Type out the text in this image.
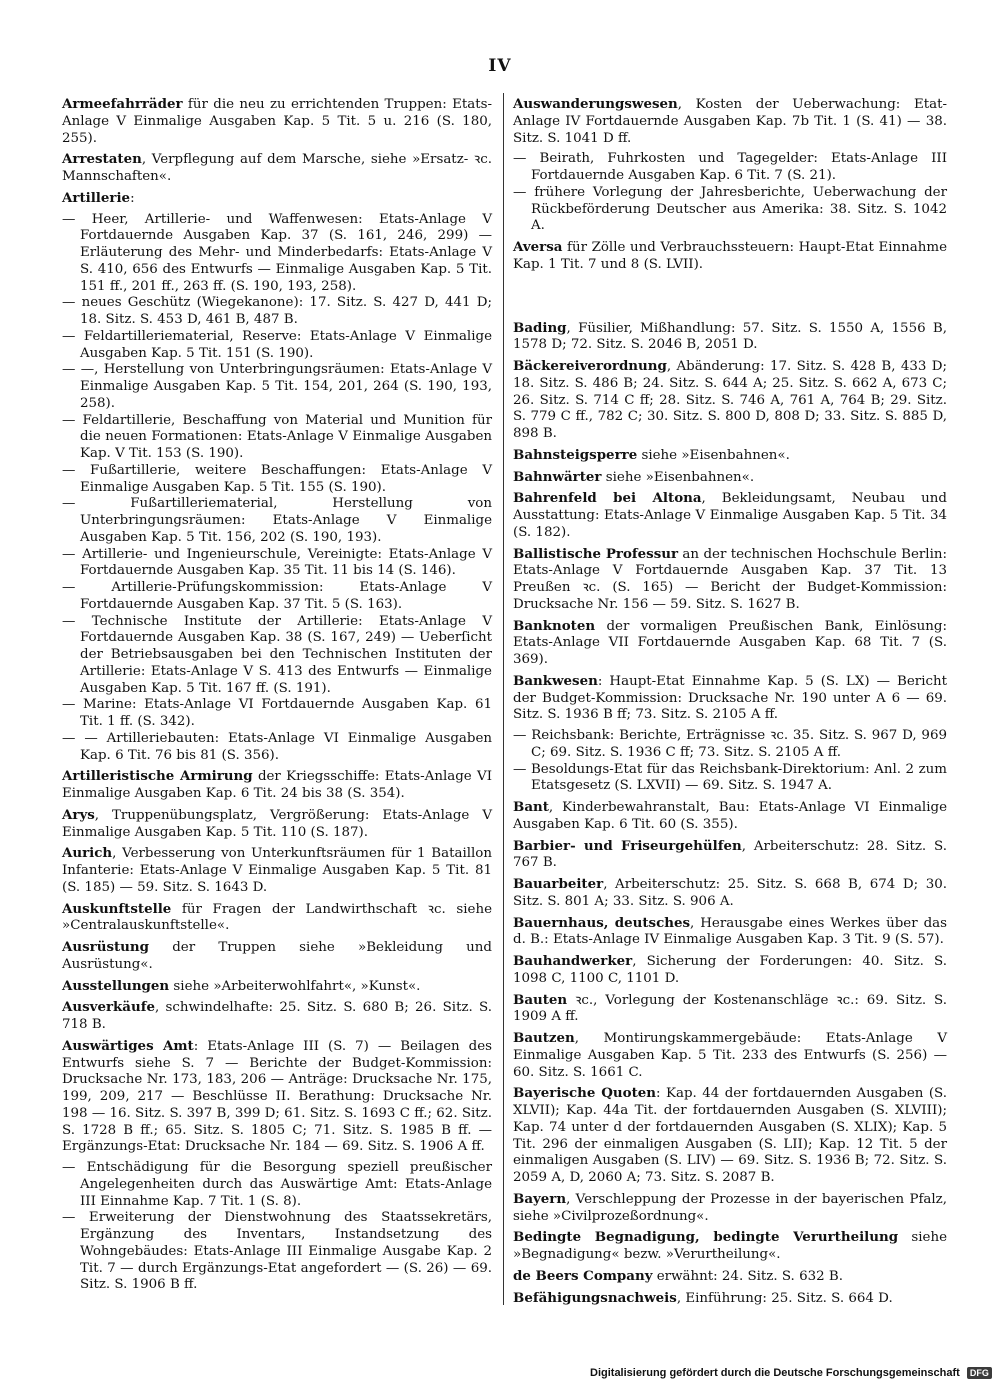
IV
Armeefahrräder für die neu zu errichtenden Truppen: Etats-Anlage V Einmalige Ausgaben Kap. 5 Tit. 5 u. 216 (S. 180, 255).
Arrestaten, Verpflegung auf dem Marsche, siehe »Ersatz- ꝛc. Mannschaften«.
Artillerie:
— Heer, Artillerie- und Waffenwesen: Etats-Anlage V Fortdauernde Ausgaben Kap. 37 (S. 161, 246, 299) — Erläuterung des Mehr- und Minderbedarfs: Etats-Anlage V S. 410, 656 des Entwurfs — Einmalige Ausgaben Kap. 5 Tit. 151 ff., 201 ff., 263 ff. (S. 190, 193, 258).
— neues Geschütz (Wiegekanone): 17. Sitz. S. 427 D, 441 D; 18. Sitz. S. 453 D, 461 B, 487 B.
— Feldartilleriematerial, Reserve: Etats-Anlage V Einmalige Ausgaben Kap. 5 Tit. 151 (S. 190).
— —, Herstellung von Unterbringungsräumen: Etats-Anlage V Einmalige Ausgaben Kap. 5 Tit. 154, 201, 264 (S. 190, 193, 258).
— Feldartillerie, Beschaffung von Material und Munition für die neuen Formationen: Etats-Anlage V Einmalige Ausgaben Kap. V Tit. 153 (S. 190).
— Fußartillerie, weitere Beschaffungen: Etats-Anlage V Einmalige Ausgaben Kap. 5 Tit. 155 (S. 190).
— Fußartilleriematerial, Herstellung von Unterbringungsräumen: Etats-Anlage V Einmalige Ausgaben Kap. 5 Tit. 156, 202 (S. 190, 193).
— Artillerie- und Ingenieurschule, Vereinigte: Etats-Anlage V Fortdauernde Ausgaben Kap. 35 Tit. 11 bis 14 (S. 146).
— Artillerie-Prüfungskommission: Etats-Anlage V Fortdauernde Ausgaben Kap. 37 Tit. 5 (S. 163).
— Technische Institute der Artillerie: Etats-Anlage V Fortdauernde Ausgaben Kap. 38 (S. 167, 249) — Ueberſicht der Betriebsausgaben bei den Technischen Instituten der Artillerie: Etats-Anlage V S. 413 des Entwurfs — Einmalige Ausgaben Kap. 5 Tit. 167 ff. (S. 191).
— Marine: Etats-Anlage VI Fortdauernde Ausgaben Kap. 61 Tit. 1 ff. (S. 342).
— — Artilleriebauten: Etats-Anlage VI Einmalige Ausgaben Kap. 6 Tit. 76 bis 81 (S. 356).
Artilleristische Armirung der Kriegsschiffe: Etats-Anlage VI Einmalige Ausgaben Kap. 6 Tit. 24 bis 38 (S. 354).
Arys, Truppenübungsplatz, Vergrößerung: Etats-Anlage V Einmalige Ausgaben Kap. 5 Tit. 110 (S. 187).
Aurich, Verbesserung von Unterkunftsräumen für 1 Bataillon Infanterie: Etats-Anlage V Einmalige Ausgaben Kap. 5 Tit. 81 (S. 185) — 59. Sitz. S. 1643 D.
Auskunftstelle für Fragen der Landwirthschaft ꝛc. siehe »Centralauskunftstelle«.
Ausrüstung der Truppen siehe »Bekleidung und Ausrüstung«.
Ausstellungen siehe »Arbeiterwohlfahrt«, »Kunst«.
Ausverkäufe, schwindelhafte: 25. Sitz. S. 680 B; 26. Sitz. S. 718 B.
Auswärtiges Amt: Etats-Anlage III (S. 7) — Beilagen des Entwurfs siehe S. 7 — Berichte der Budget-Kommission: Drucksache Nr. 173, 183, 206 — Anträge: Drucksache Nr. 175, 199, 209, 217 — Beschlüsse II. Berathung: Drucksache Nr. 198 — 16. Sitz. S. 397 B, 399 D; 61. Sitz. S. 1693 C ff.; 62. Sitz. S. 1728 B ff.; 65. Sitz. S. 1805 C; 71. Sitz. S. 1985 B ff. — Ergänzungs-Etat: Drucksache Nr. 184 — 69. Sitz. S. 1906 A ff.
— Entschädigung für die Besorgung speziell preußischer Angelegenheiten durch das Auswärtige Amt: Etats-Anlage III Einnahme Kap. 7 Tit. 1 (S. 8).
— Erweiterung der Dienstwohnung des Staatssekretärs, Ergänzung des Inventars, Instandsetzung des Wohngebäudes: Etats-Anlage III Einmalige Ausgabe Kap. 2 Tit. 7 — durch Ergänzungs-Etat angefordert — (S. 26) — 69. Sitz. S. 1906 B ff.
Auswanderungswesen, Kosten der Ueberwachung: Etat-Anlage IV Fortdauernde Ausgaben Kap. 7b Tit. 1 (S. 41) — 38. Sitz. S. 1041 D ff.
— Beirath, Fuhrkosten und Tagegelder: Etats-Anlage III Fortdauernde Ausgaben Kap. 6 Tit. 7 (S. 21).
— frühere Vorlegung der Jahresberichte, Ueberwachung der Rückbeförderung Deutscher aus Amerika: 38. Sitz. S. 1042 A.
Aversa für Zölle und Verbrauchssteuern: Haupt-Etat Einnahme Kap. 1 Tit. 7 und 8 (S. LVII).
Bading, Füsilier, Mißhandlung: 57. Sitz. S. 1550 A, 1556 B, 1578 D; 72. Sitz. S. 2046 B, 2051 D.
Bäckereiverordnung, Abänderung: 17. Sitz. S. 428 B, 433 D; 18. Sitz. S. 486 B; 24. Sitz. S. 644 A; 25. Sitz. S. 662 A, 673 C; 26. Sitz. S. 714 C ff; 28. Sitz. S. 746 A, 761 A, 764 B; 29. Sitz. S. 779 C ff., 782 C; 30. Sitz. S. 800 D, 808 D; 33. Sitz. S. 885 D, 898 B.
Bahnsteigsperre siehe »Eisenbahnen«.
Bahnwärter siehe »Eisenbahnen«.
Bahrenfeld bei Altona, Bekleidungsamt, Neubau und Ausstattung: Etats-Anlage V Einmalige Ausgaben Kap. 5 Tit. 34 (S. 182).
Ballistische Professur an der technischen Hochschule Berlin: Etats-Anlage V Fortdauernde Ausgaben Kap. 37 Tit. 13 Preußen ꝛc. (S. 165) — Bericht der Budget-Kommission: Drucksache Nr. 156 — 59. Sitz. S. 1627 B.
Banknoten der vormaligen Preußischen Bank, Einlösung: Etats-Anlage VII Fortdauernde Ausgaben Kap. 68 Tit. 7 (S. 369).
Bankwesen: Haupt-Etat Einnahme Kap. 5 (S. LX) — Bericht der Budget-Kommission: Drucksache Nr. 190 unter A 6 — 69. Sitz. S. 1936 B ff; 73. Sitz. S. 2105 A ff.
— Reichsbank: Berichte, Erträgnisse ꝛc. 35. Sitz. S. 967 D, 969 C; 69. Sitz. S. 1936 C ff; 73. Sitz. S. 2105 A ff.
— Besoldungs-Etat für das Reichsbank-Direktorium: Anl. 2 zum Etatsgesetz (S. LXVII) — 69. Sitz. S. 1947 A.
Bant, Kinderbewahranstalt, Bau: Etats-Anlage VI Einmalige Ausgaben Kap. 6 Tit. 60 (S. 355).
Barbier- und Friseurgehülfen, Arbeiterschutz: 28. Sitz. S. 767 B.
Bauarbeiter, Arbeiterschutz: 25. Sitz. S. 668 B, 674 D; 30. Sitz. S. 801 A; 33. Sitz. S. 906 A.
Bauernhaus, deutsches, Herausgabe eines Werkes über das d. B.: Etats-Anlage IV Einmalige Ausgaben Kap. 3 Tit. 9 (S. 57).
Bauhandwerker, Sicherung der Forderungen: 40. Sitz. S. 1098 C, 1100 C, 1101 D.
Bauten ꝛc., Vorlegung der Kostenanschläge ꝛc.: 69. Sitz. S. 1909 A ff.
Bautzen, Montirungskammergebäude: Etats-Anlage V Einmalige Ausgaben Kap. 5 Tit. 233 des Entwurfs (S. 256) — 60. Sitz. S. 1661 C.
Bayerische Quoten: Kap. 44 der fortdauernden Ausgaben (S. XLVII); Kap. 44a Tit. der fortdauernden Ausgaben (S. XLVIII); Kap. 74 unter d der fortdauernden Ausgaben (S. XLIX); Kap. 5 Tit. 296 der einmaligen Ausgaben (S. LII); Kap. 12 Tit. 5 der einmaligen Ausgaben (S. LIV) — 69. Sitz. S. 1936 B; 72. Sitz. S. 2059 A, D, 2060 A; 73. Sitz. S. 2087 B.
Bayern, Verschleppung der Prozesse in der bayerischen Pfalz, siehe »Civilprozeßordnung«.
Bedingte Begnadigung, bedingte Verurtheilung siehe »Begnadigung« bezw. »Verurtheilung«.
de Beers Company erwähnt: 24. Sitz. S. 632 B.
Befähigungsnachweis, Einführung: 25. Sitz. S. 664 D.
Digitalisierung gefördert durch die Deutsche Forschungsgemeinschaft DFG
